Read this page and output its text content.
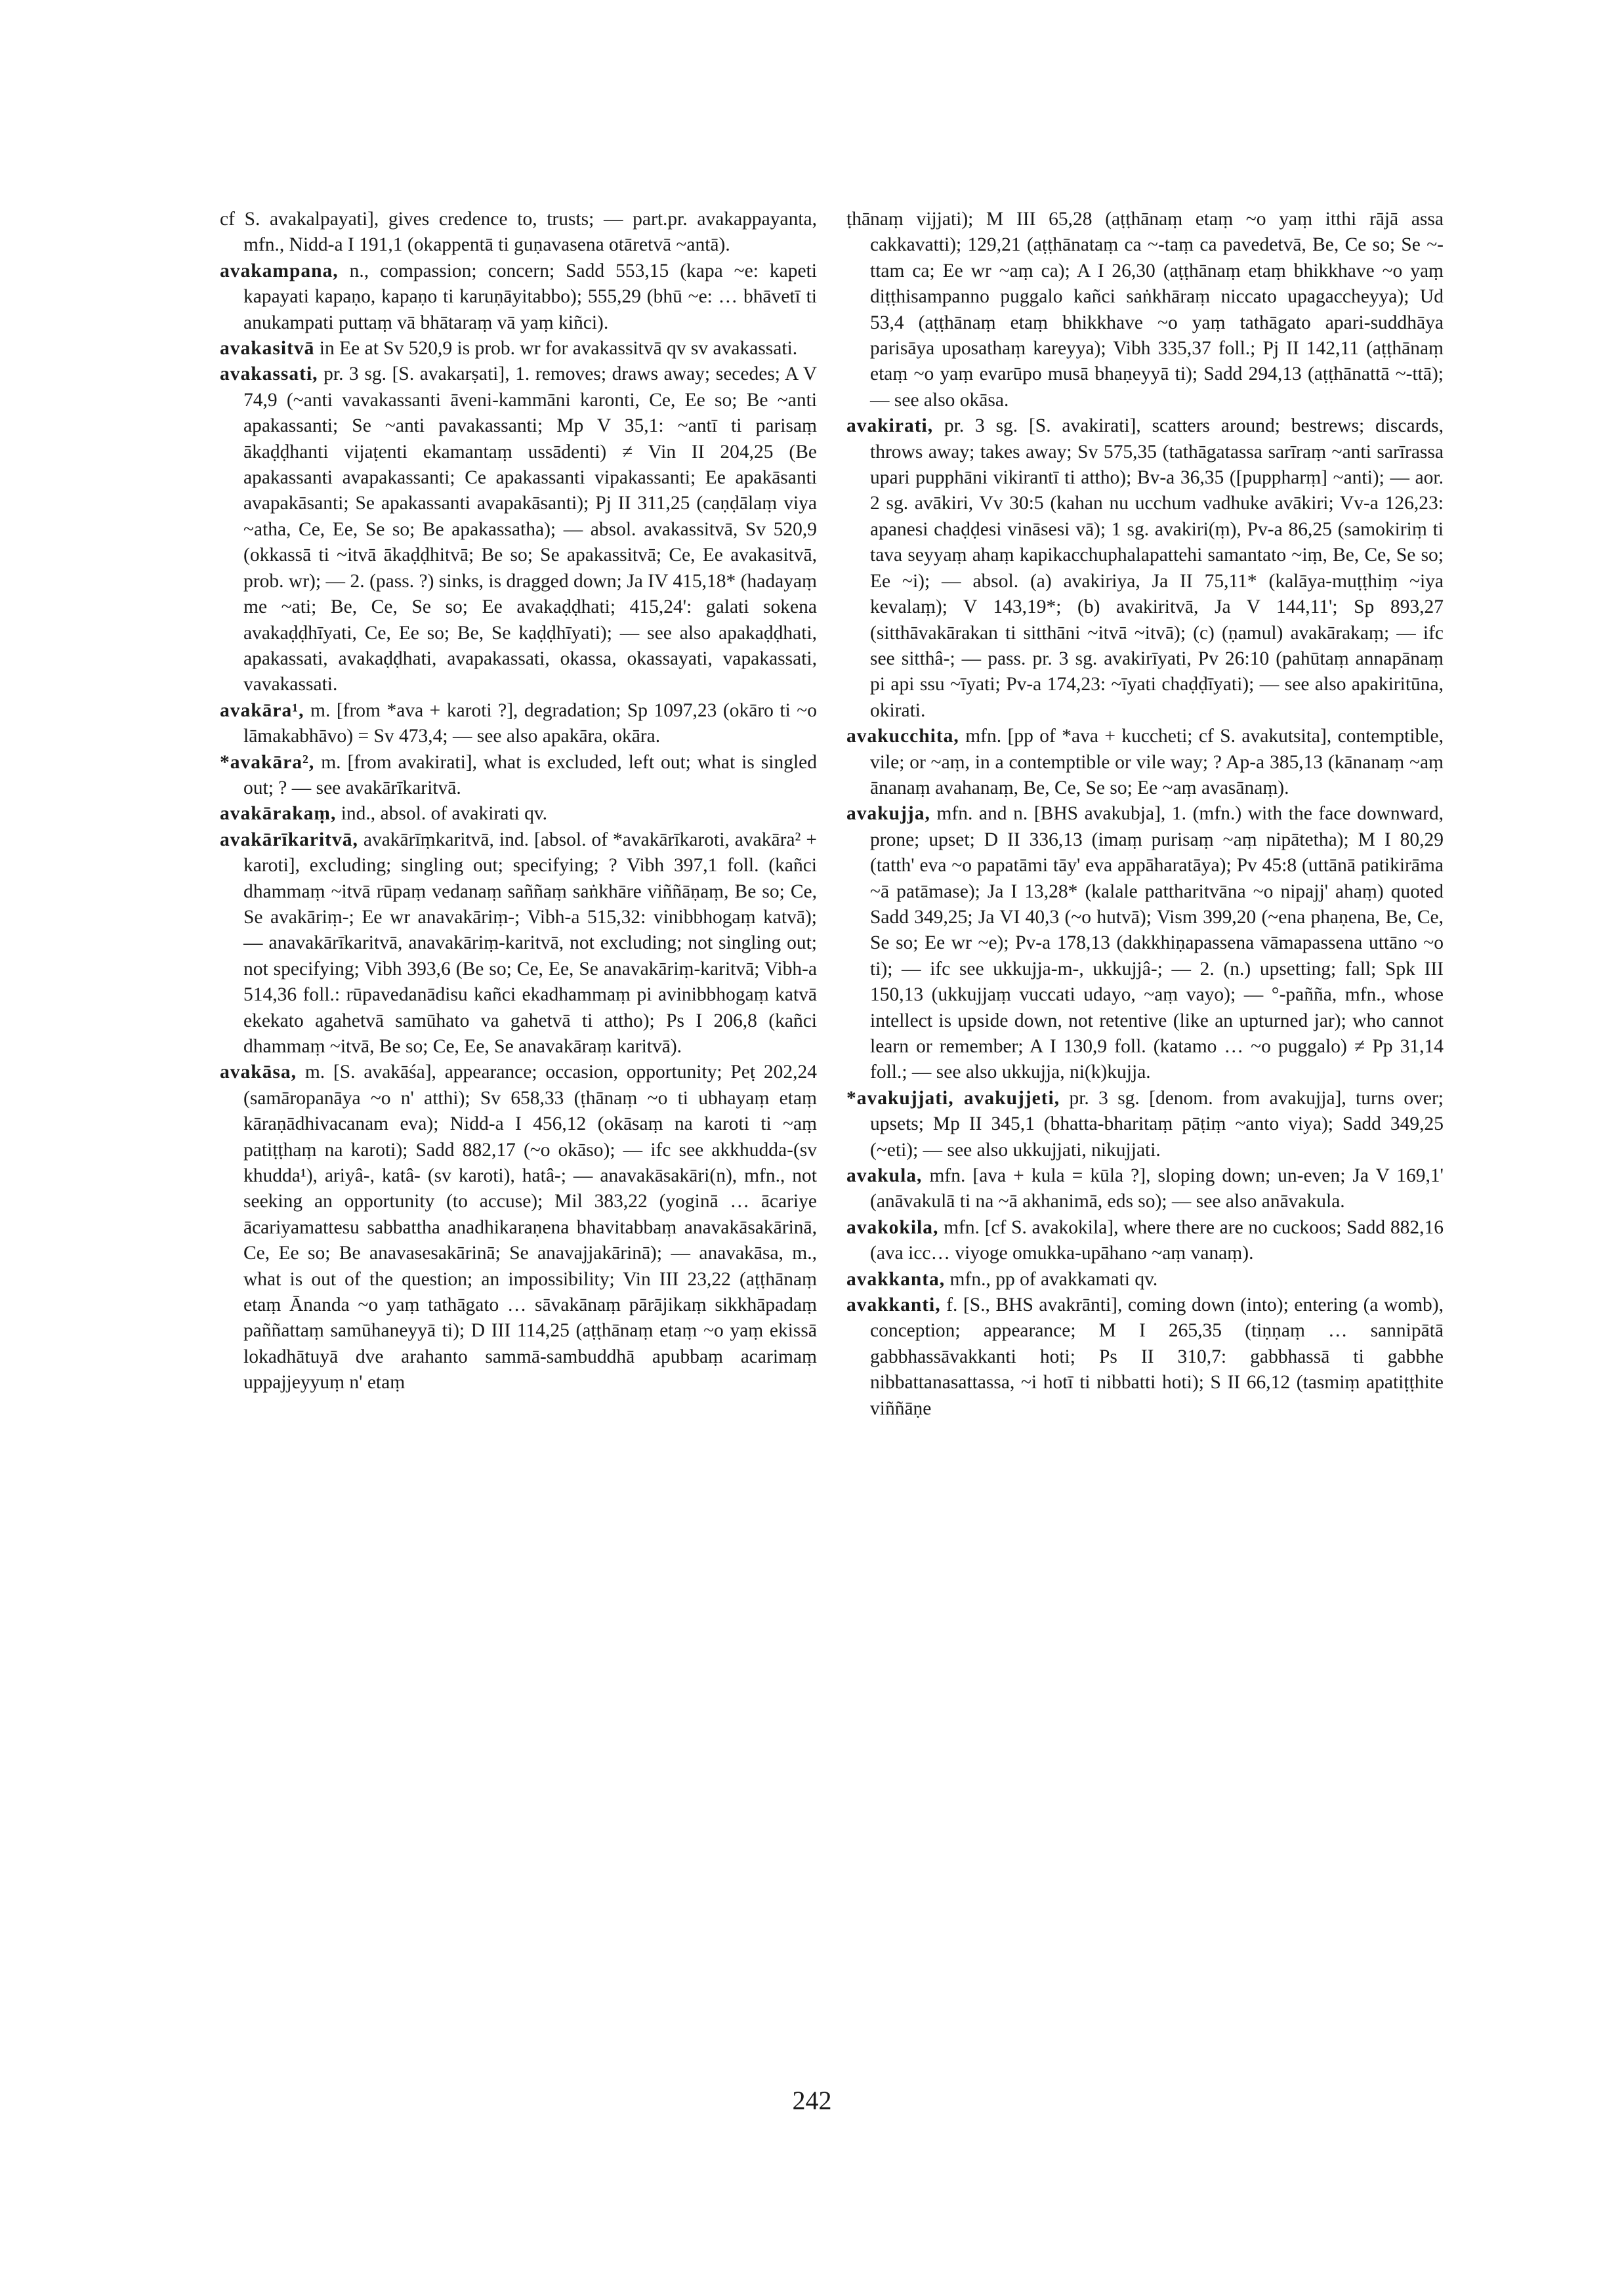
cf S. avakalpayati], gives credence to, trusts; — part.pr. avakappayanta, mfn., Nidd-a I 191,1 (okappentā ti guṇavasena otāretvā ~antā).

avakampana, n., compassion; concern; Sadd 553,15 (kapa ~e: kapeti kapayati kapaṇo, kapaṇo ti karuṇāyitabbo); 555,29 (bhū ~e: … bhāvetī ti anukampati puttaṃ vā bhātaraṃ vā yaṃ kiñci).

avakasitvā in Ee at Sv 520,9 is prob. wr for avakassitvā qv sv avakassati.

avakassati, pr. 3 sg. [S. avakarṣati], 1. removes; draws away; secedes; A V 74,9 (~anti vavakassanti āveni-kammāni karonti, Ce, Ee so; Be ~anti apakassanti; Se ~anti pavakassanti; Mp V 35,1: ~antī ti parisaṃ ākaḍḍhanti vijaṭenti ekamantaṃ ussādenti) ≠ Vin II 204,25 (Be apakassanti avapakassanti; Ce apakassanti vipakassanti; Ee apakāsanti avapakāsanti; Se apakassanti avapakāsanti); Pj II 311,25 (caṇḍālaṃ viya ~atha, Ce, Ee, Se so; Be apakassatha); — absol. avakassitvā, Sv 520,9 (okkassā ti ~itvā ākaḍḍhitvā; Be so; Se apakassitvā; Ce, Ee avakasitvā, prob. wr); — 2. (pass. ?) sinks, is dragged down; Ja IV 415,18* (hadayaṃ me ~ati; Be, Ce, Se so; Ee avakaḍḍhati; 415,24': galati sokena avakaḍḍhīyati, Ce, Ee so; Be, Se kaḍḍhīyati); — see also apakaḍḍhati, apakassati, avakaḍḍhati, avapakassati, okassa, okassayati, vapakassati, vavakassati.

avakāra¹, m. [from *ava + karoti ?], degradation; Sp 1097,23 (okāro ti ~o lāmakabhāvo) = Sv 473,4; — see also apakāra, okāra.

*avakāra², m. [from avakirati], what is excluded, left out; what is singled out; ? — see avakārīkaritvā.

avakārakaṃ, ind., absol. of avakirati qv.

avakārīkaritvā, avakārīṃkaritvā, ind. [absol. of *avakārīkaroti, avakāra² + karoti], excluding; singling out; specifying; ? Vibh 397,1 foll. (kañci dhammaṃ ~itvā rūpaṃ vedanaṃ saññaṃ saṅkhāre viññāṇaṃ, Be so; Ce, Se avakāriṃ-; Ee wr anavakāriṃ-; Vibh-a 515,32: vinibbhogaṃ katvā); — anavakārīkaritvā, anavakāriṃ-karitvā, not excluding; not singling out; not specifying; Vibh 393,6 (Be so; Ce, Ee, Se anavakāriṃ-karitvā; Vibh-a 514,36 foll.: rūpavedanādisu kañci ekadhammaṃ pi avinibbhogaṃ katvā ekekato agahetvā samūhato va gahetvā ti attho); Ps I 206,8 (kañci dhammaṃ ~itvā, Be so; Ce, Ee, Se anavakāraṃ karitvā).

avakāsa, m. [S. avakāśa], appearance; occasion, opportunity; Peṭ 202,24 (samāropanāya ~o n' atthi); Sv 658,33 (ṭhānaṃ ~o ti ubhayaṃ etaṃ kāraṇādhivacanam eva); Nidd-a I 456,12 (okāsaṃ na karoti ti ~aṃ patiṭṭhaṃ na karoti); Sadd 882,17 (~o okāso); — ifc see akkhudda-(sv khudda¹), ariyâ-, katâ- (sv karoti), hatâ-; — anavakāsakāri(n), mfn., not seeking an opportunity (to accuse); Mil 383,22 (yoginā … ācariye ācariyamattesu sabbattha anadhikaraṇena bhavitabbaṃ anavakāsakārinā, Ce, Ee so; Be anavasesakārinā; Se anavajjakārinā); — anavakāsa, m., what is out of the question; an impossibility; Vin III 23,22 (aṭṭhānaṃ etaṃ Ānanda ~o yaṃ tathāgato … sāvakānaṃ pārājikaṃ sikkhāpadaṃ paññattaṃ samūhaneyyā ti); D III 114,25 (aṭṭhānaṃ etaṃ ~o yaṃ ekissā lokadhātuyā dve arahanto sammā-sambuddhā apubbaṃ acarimaṃ uppajjeyyuṃ n' etaṃ

ṭhānaṃ vijjati); M III 65,28 (aṭṭhānaṃ etaṃ ~o yaṃ itthi rājā assa cakkavatti); 129,21 (aṭṭhānataṃ ca ~-taṃ ca pavedetvā, Be, Ce so; Se ~-ttam ca; Ee wr ~aṃ ca); A I 26,30 (aṭṭhānaṃ etaṃ bhikkhave ~o yaṃ diṭṭhisampanno puggalo kañci saṅkhāraṃ niccato upagaccheyya); Ud 53,4 (aṭṭhānaṃ etaṃ bhikkhave ~o yaṃ tathāgato apari-suddhāya parisāya uposathaṃ kareyya); Vibh 335,37 foll.; Pj II 142,11 (aṭṭhānaṃ etaṃ ~o yaṃ evarūpo musā bhaṇeyyā ti); Sadd 294,13 (aṭṭhānattā ~-ttā); — see also okāsa.

avakirati, pr. 3 sg. [S. avakirati], scatters around; bestrews; discards, throws away; takes away; Sv 575,35 (tathāgatassa sarīraṃ ~anti sarīrassa upari pupphāni vikirantī ti attho); Bv-a 36,35 ([puppharṃ] ~anti); — aor. 2 sg. avākiri, Vv 30:5 (kahan nu ucchum vadhuke avākiri; Vv-a 126,23: apanesi chaḍḍesi vināsesi vā); 1 sg. avakiri(ṃ), Pv-a 86,25 (samokiriṃ ti tava seyyaṃ ahaṃ kapikacchuphalapattehi samantato ~iṃ, Be, Ce, Se so; Ee ~i); — absol. (a) avakiriya, Ja II 75,11* (kalāya-muṭṭhiṃ ~iya kevalaṃ); V 143,19*; (b) avakiritvā, Ja V 144,11'; Sp 893,27 (sitthāvakārakan ti sitthāni ~itvā ~itvā); (c) (ṇamul) avakārakaṃ; — ifc see sitthâ-; — pass. pr. 3 sg. avakirīyati, Pv 26:10 (pahūtaṃ annapānaṃ pi api ssu ~īyati; Pv-a 174,23: ~īyati chaḍḍīyati); — see also apakiritūna, okirati.

avakucchita, mfn. [pp of *ava + kuccheti; cf S. avakutsita], contemptible, vile; or ~aṃ, in a contemptible or vile way; ? Ap-a 385,13 (kānanaṃ ~aṃ ānanaṃ avahanaṃ, Be, Ce, Se so; Ee ~aṃ avasānaṃ).

avakujja, mfn. and n. [BHS avakubja], 1. (mfn.) with the face downward, prone; upset; D II 336,13 (imaṃ purisaṃ ~aṃ nipātetha); M I 80,29 (tatth' eva ~o papatāmi tāy' eva appāharatāya); Pv 45:8 (uttānā patikirāma ~ā patāmase); Ja I 13,28* (kalale pattharitvāna ~o nipajj' ahaṃ) quoted Sadd 349,25; Ja VI 40,3 (~o hutvā); Vism 399,20 (~ena phaṇena, Be, Ce, Se so; Ee wr ~e); Pv-a 178,13 (dakkhiṇapassena vāmapassena uttāno ~o ti); — ifc see ukkujja-m-, ukkujjâ-; — 2. (n.) upsetting; fall; Spk III 150,13 (ukkujjaṃ vuccati udayo, ~aṃ vayo); — °-pañña, mfn., whose intellect is upside down, not retentive (like an upturned jar); who cannot learn or remember; A I 130,9 foll. (katamo … ~o puggalo) ≠ Pp 31,14 foll.; — see also ukkujja, ni(k)kujja.

*avakujjati, avakujjeti, pr. 3 sg. [denom. from avakujja], turns over; upsets; Mp II 345,1 (bhatta-bharitaṃ pāṭiṃ ~anto viya); Sadd 349,25 (~eti); — see also ukkujjati, nikujjati.

avakula, mfn. [ava + kula = kūla ?], sloping down; un-even; Ja V 169,1' (anāvakulā ti na ~ā akhanimā, eds so); — see also anāvakula.

avakokila, mfn. [cf S. avakokila], where there are no cuckoos; Sadd 882,16 (ava icc… viyoge omukka-upāhano ~aṃ vanaṃ).

avakkanta, mfn., pp of avakkamati qv.

avakkanti, f. [S., BHS avakrānti], coming down (into); entering (a womb), conception; appearance; M I 265,35 (tiṇṇaṃ … sannipātā gabbhassāvakkanti hoti; Ps II 310,7: gabbhassā ti gabbhe nibbattanasattassa, ~i hotī ti nibbatti hoti); S II 66,12 (tasmiṃ apatiṭṭhite viññāṇe

242
